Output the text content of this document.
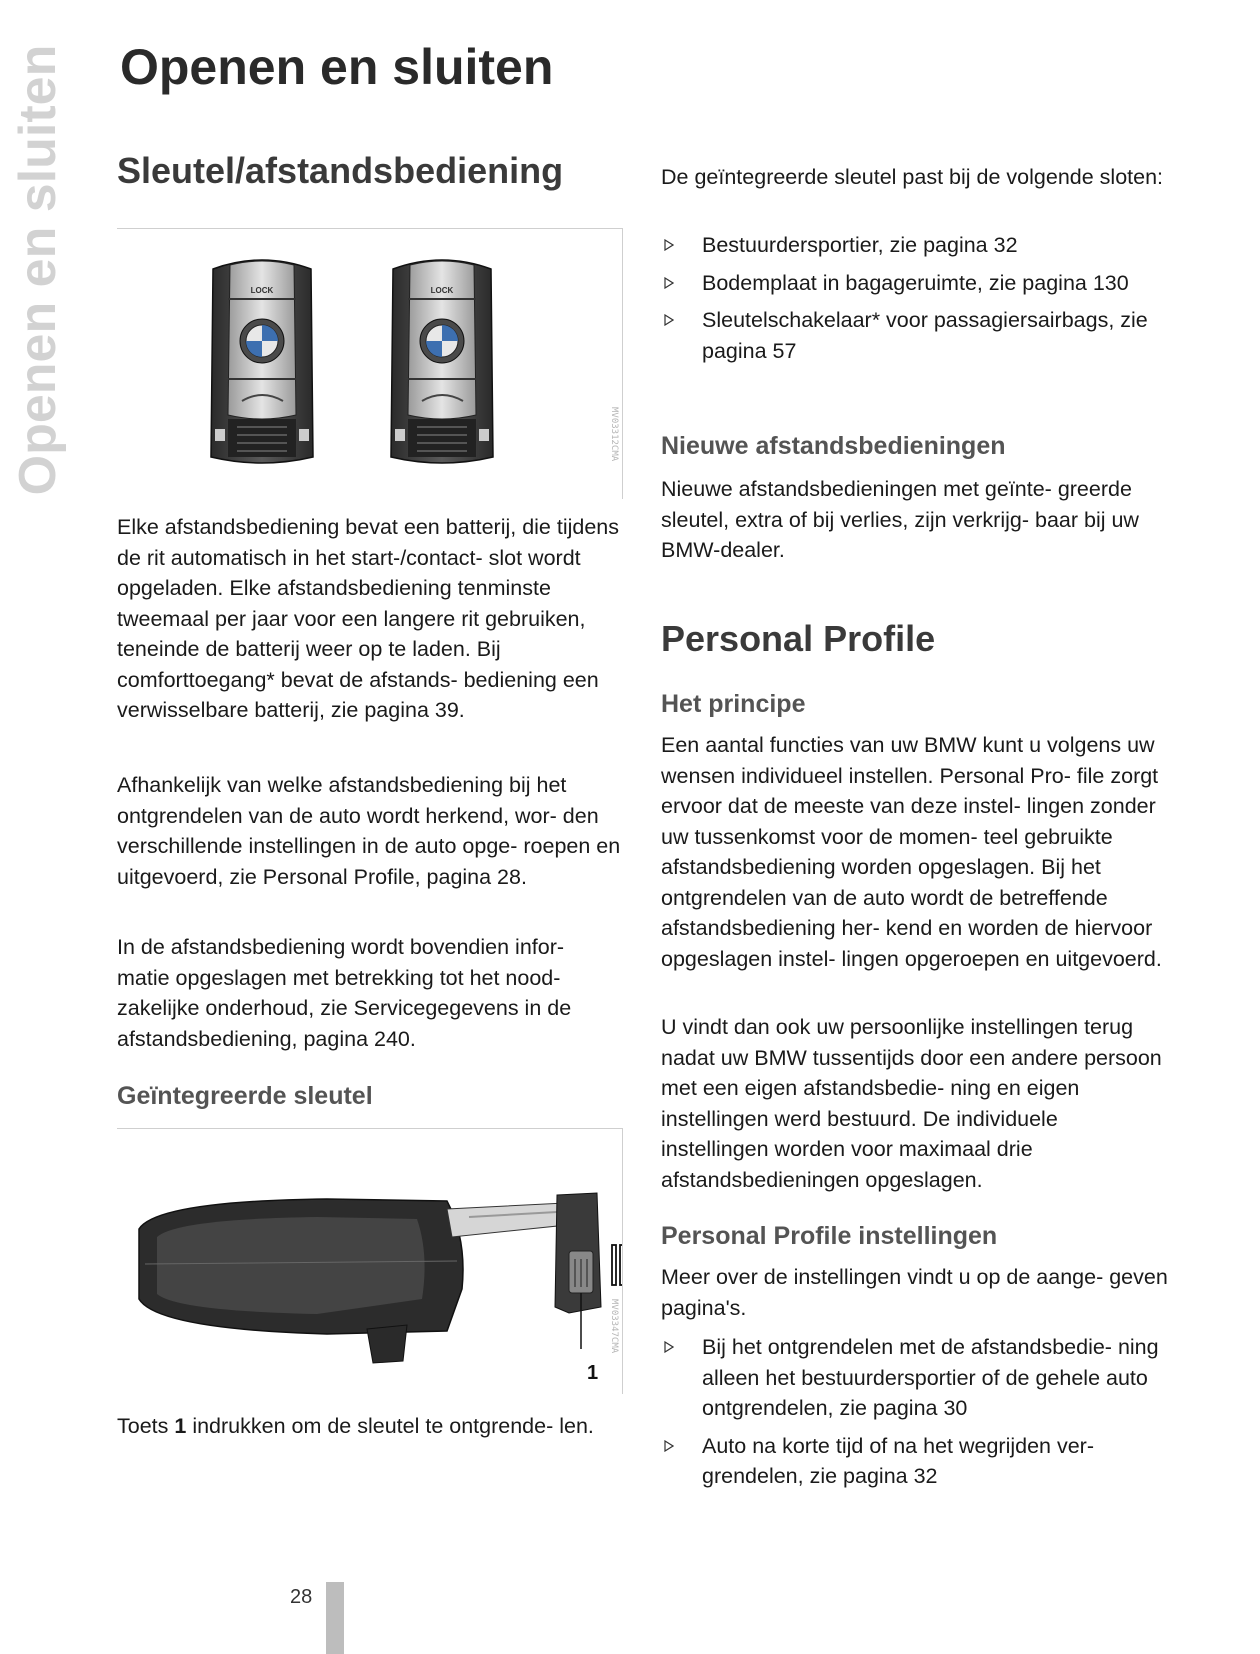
Openen en sluiten Openen en sluiten
Sleutel/afstandsbediening
LOCK	LOCK
MV03312CMA

Elke afstandsbediening bevat een batterij, die tijdens de rit automatisch in het start-/contact- slot wordt opgeladen. Elke afstandsbediening tenminste tweemaal per jaar voor een langere rit gebruiken, teneinde de batterij weer op te laden. Bij comforttoegang* bevat de afstands- bediening een verwisselbare batterij, zie pagina 39.

Afhankelijk van welke afstandsbediening bij het ontgrendelen van de auto wordt herkend, wor- den verschillende instellingen in de auto opge- roepen en uitgevoerd, zie Personal Profile, pagina 28.

In de afstandsbediening wordt bovendien infor- matie opgeslagen met betrekking tot het nood- zakelijke onderhoud, zie Servicegegevens in de afstandsbediening, pagina 240.

Geïntegreerde sleutel
1
MV03347CMA

Toets 1 indrukken om de sleutel te ontgrende- len.

De geïntegreerde sleutel past bij de volgende sloten:

Bestuurdersportier, zie pagina 32
Bodemplaat in bagageruimte, zie pagina 130
Sleutelschakelaar* voor passagiersairbags, zie pagina 57
Nieuwe afstandsbedieningen

Nieuwe afstandsbedieningen met geïnte- greerde sleutel, extra of bij verlies, zijn verkrijg- baar bij uw BMW-dealer.

Personal Profile
Het principe

Een aantal functies van uw BMW kunt u volgens uw wensen individueel instellen. Personal Pro- file zorgt ervoor dat de meeste van deze instel- lingen zonder uw tussenkomst voor de momen- teel gebruikte afstandsbediening worden opgeslagen. Bij het ontgrendelen van de auto wordt de betreffende afstandsbediening her- kend en worden de hiervoor opgeslagen instel- lingen opgeroepen en uitgevoerd.

U vindt dan ook uw persoonlijke instellingen terug nadat uw BMW tussentijds door een andere persoon met een eigen afstandsbedie- ning en eigen instellingen werd bestuurd. De individuele instellingen worden voor maximaal drie afstandsbedieningen opgeslagen.

Personal Profile instellingen

Meer over de instellingen vindt u op de aange- geven pagina's.

Bij het ontgrendelen met de afstandsbedie- ning alleen het bestuurdersportier of de gehele auto ontgrendelen, zie pagina 30
Auto na korte tijd of na het wegrijden ver- grendelen, zie pagina 32
28
